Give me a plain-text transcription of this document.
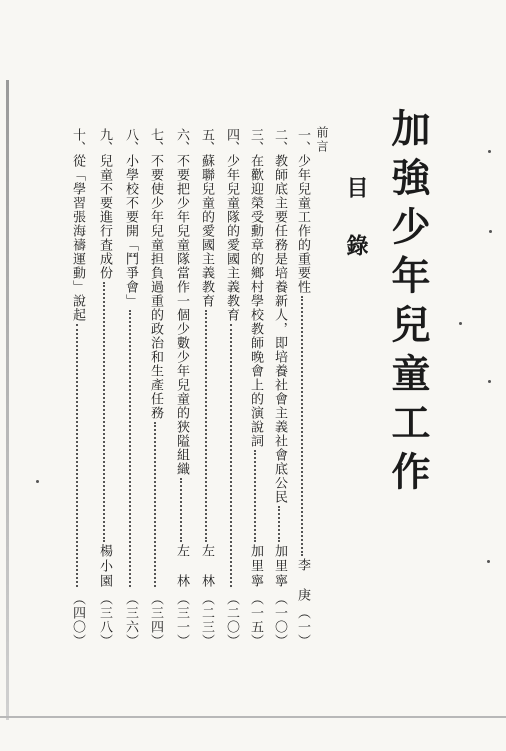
加強少年兒童工作
目錄
前言
一、
少年兒童工作的重要性
李　庚
（一）
二、
教師底主要任務是培養新人，即培養社會主義社會底公民
加里寧
（一〇）
三、
在歡迎榮受勳章的鄉村學校教師晚會上的演說詞
加里寧
（一五）
四、
少年兒童隊的愛國主義教育
（二〇）
五、
蘇聯兒童的愛國主義教育
左　林
（二三）
六、
不要把少年兒童隊當作一個少數少年兒童的狹隘組織
左　林
（三一）
七、
不要使少年兒童担負過重的政治和生產任務
（三四）
八、
小學校不要開「鬥爭會」
（三六）
九、
兒童不要進行査成份
楊小園
（三八）
十、
從「學習張海禱運動」說起
（四〇）
